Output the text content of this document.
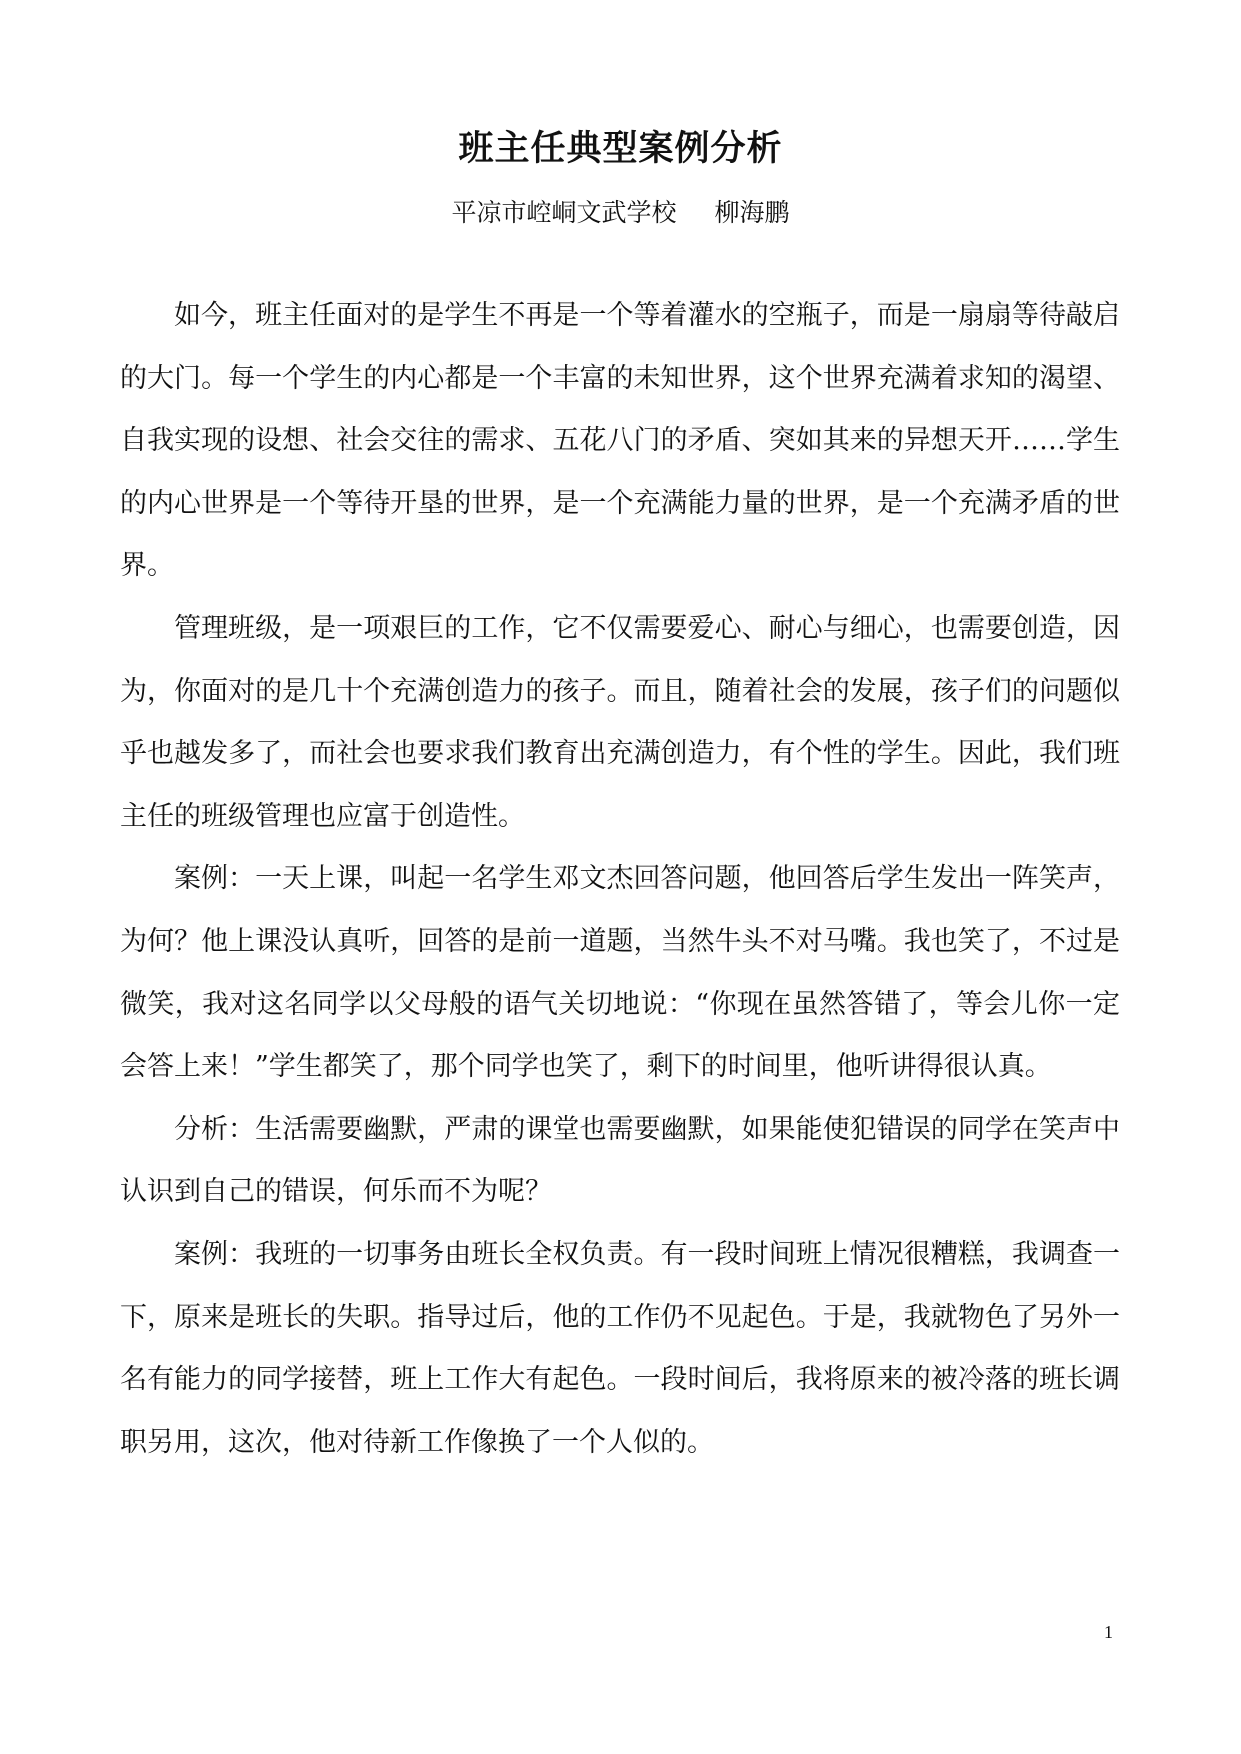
班主任典型案例分析
平凉市崆峒文武学校 柳海鹏

如今，班主任面对的是学生不再是一个等着灌水的空瓶子，而是一扇扇等待敲启的大门。每一个学生的内心都是一个丰富的未知世界，这个世界充满着求知的渴望、自我实现的设想、社会交往的需求、五花八门的矛盾、突如其来的异想天开……学生的内心世界是一个等待开垦的世界，是一个充满能力量的世界，是一个充满矛盾的世界。

管理班级，是一项艰巨的工作，它不仅需要爱心、耐心与细心，也需要创造，因为，你面对的是几十个充满创造力的孩子。而且，随着社会的发展，孩子们的问题似乎也越发多了，而社会也要求我们教育出充满创造力，有个性的学生。因此，我们班主任的班级管理也应富于创造性。

案例：一天上课，叫起一名学生邓文杰回答问题，他回答后学生发出一阵笑声，为何？他上课没认真听，回答的是前一道题，当然牛头不对马嘴。我也笑了，不过是微笑，我对这名同学以父母般的语气关切地说：“你现在虽然答错了，等会儿你一定会答上来！”学生都笑了，那个同学也笑了，剩下的时间里，他听讲得很认真。

分析：生活需要幽默，严肃的课堂也需要幽默，如果能使犯错误的同学在笑声中认识到自己的错误，何乐而不为呢？

案例：我班的一切事务由班长全权负责。有一段时间班上情况很糟糕，我调查一下，原来是班长的失职。指导过后，他的工作仍不见起色。于是，我就物色了另外一名有能力的同学接替，班上工作大有起色。一段时间后，我将原来的被冷落的班长调职另用，这次，他对待新工作像换了一个人似的。

1
